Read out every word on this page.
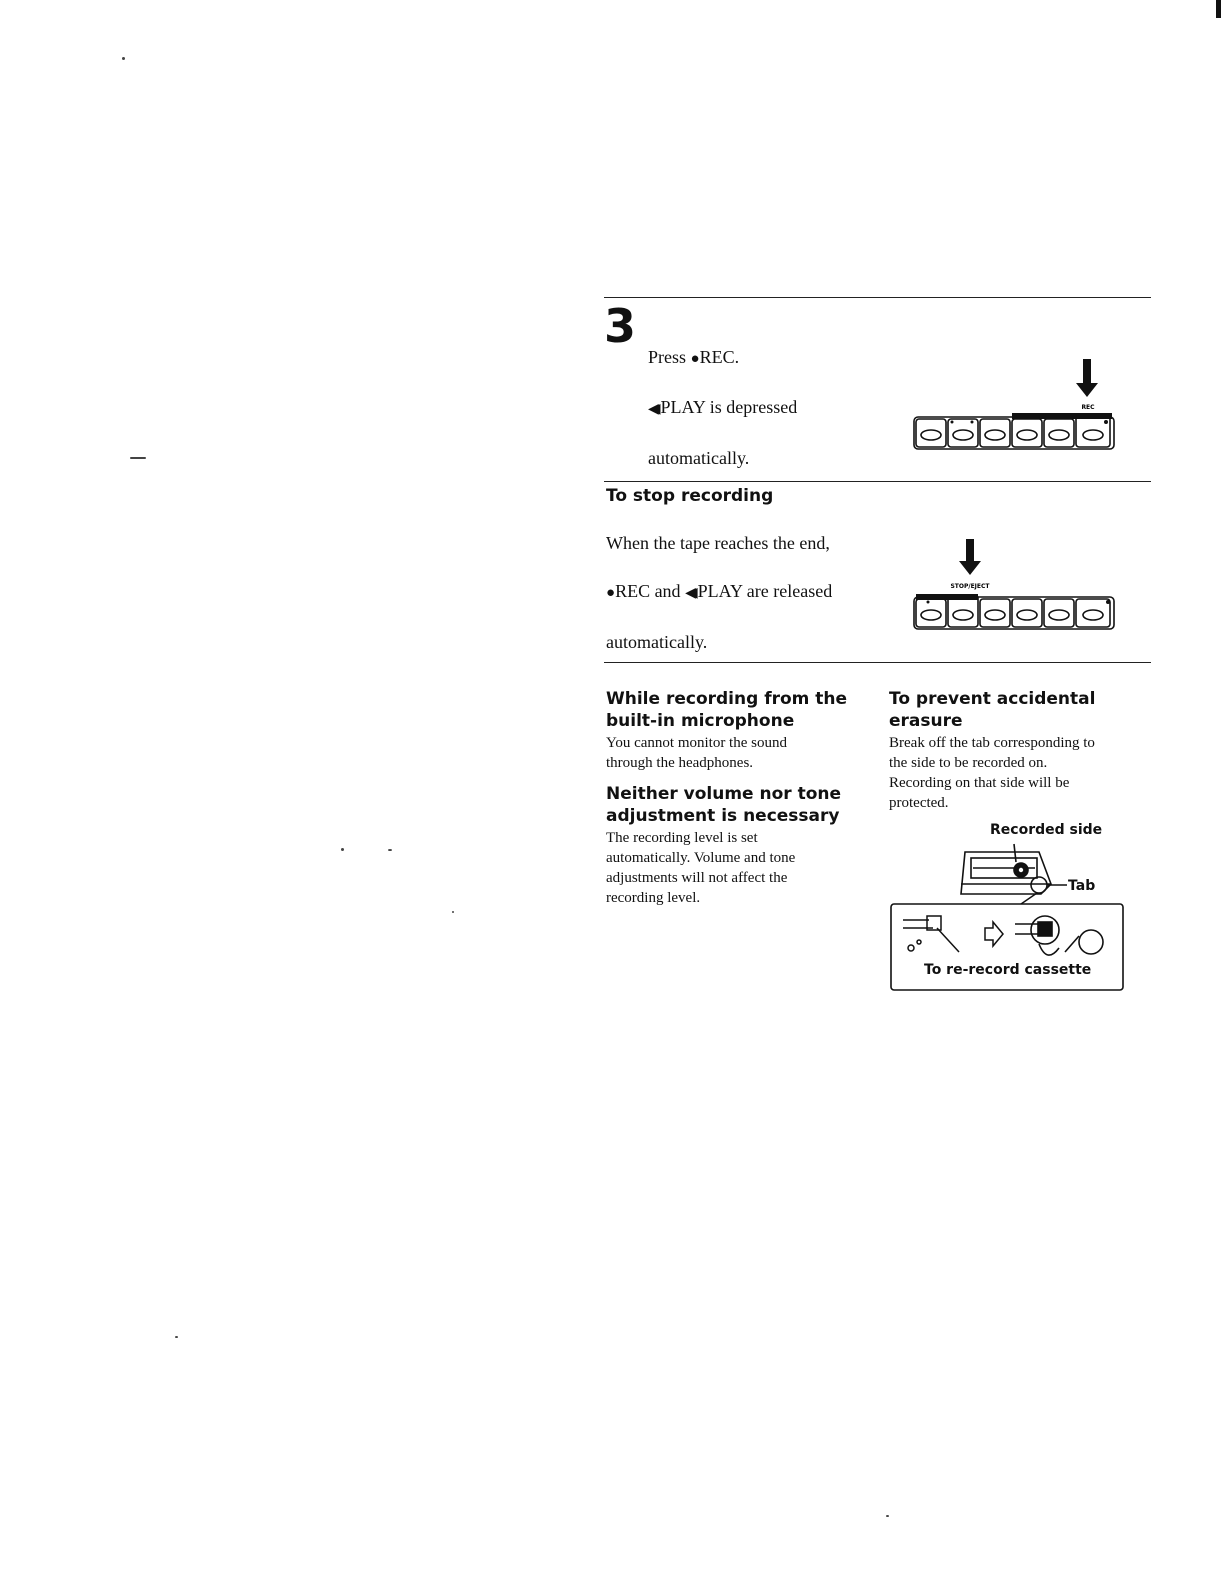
3

Press ● REC.

◀◀ PLAY is depressed

automatically.

REC
To stop recording

When the tape reaches the end,

● REC and ◀◀ PLAY are released

automatically.

STOP/EJECT
While recording from the
built-in microphone

You cannot monitor the sound
through the headphones.

Neither volume nor tone
adjustment is necessary

The recording level is set
automatically. Volume and tone
adjustments will not affect the
recording level.

To prevent accidental
erasure

Break off the tab corresponding to
the side to be recorded on.
Recording on that side will be
protected.

Recorded side
Tab
To re-record cassette
